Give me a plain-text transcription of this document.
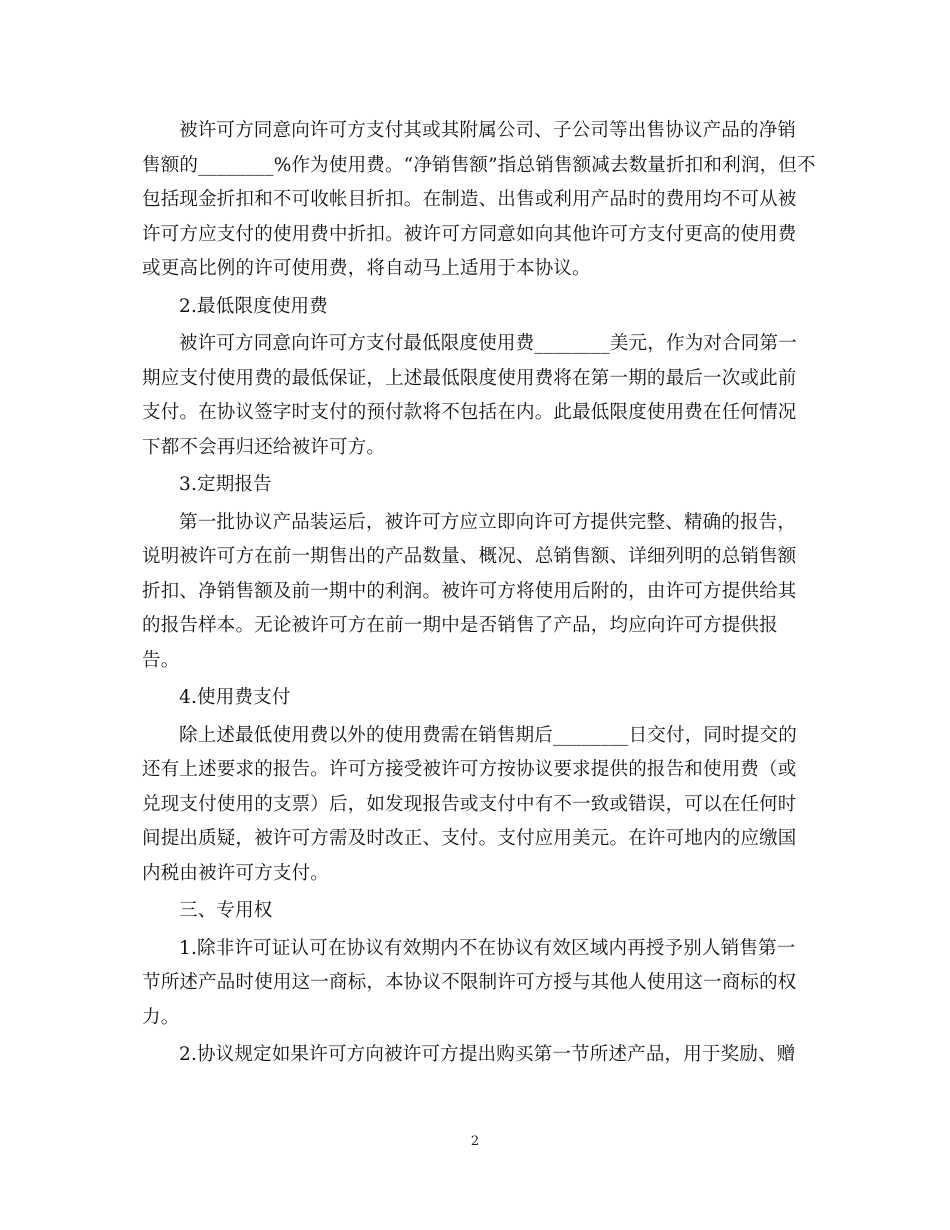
被许可方同意向许可方支付其或其附属公司、子公司等出售协议产品的净销
售额的________%作为使用费。“净销售额”指总销售额减去数量折扣和利润，但不
包括现金折扣和不可收帐目折扣。在制造、出售或利用产品时的费用均不可从被
许可方应支付的使用费中折扣。被许可方同意如向其他许可方支付更高的使用费
或更高比例的许可使用费，将自动马上适用于本协议。

2.最低限度使用费

被许可方同意向许可方支付最低限度使用费________美元，作为对合同第一
期应支付使用费的最低保证，上述最低限度使用费将在第一期的最后一次或此前
支付。在协议签字时支付的预付款将不包括在内。此最低限度使用费在任何情况
下都不会再归还给被许可方。

3.定期报告

第一批协议产品装运后，被许可方应立即向许可方提供完整、精确的报告，
说明被许可方在前一期售出的产品数量、概况、总销售额、详细列明的总销售额
折扣、净销售额及前一期中的利润。被许可方将使用后附的，由许可方提供给其
的报告样本。无论被许可方在前一期中是否销售了产品，均应向许可方提供报
告。

4.使用费支付

除上述最低使用费以外的使用费需在销售期后________日交付，同时提交的
还有上述要求的报告。许可方接受被许可方按协议要求提供的报告和使用费（或
兑现支付使用的支票）后，如发现报告或支付中有不一致或错误，可以在任何时
间提出质疑，被许可方需及时改正、支付。支付应用美元。在许可地内的应缴国
内税由被许可方支付。

三、专用权

1.除非许可证认可在协议有效期内不在协议有效区域内再授予别人销售第一
节所述产品时使用这一商标，本协议不限制许可方授与其他人使用这一商标的权
力。

2.协议规定如果许可方向被许可方提出购买第一节所述产品，用于奖励、赠

2
